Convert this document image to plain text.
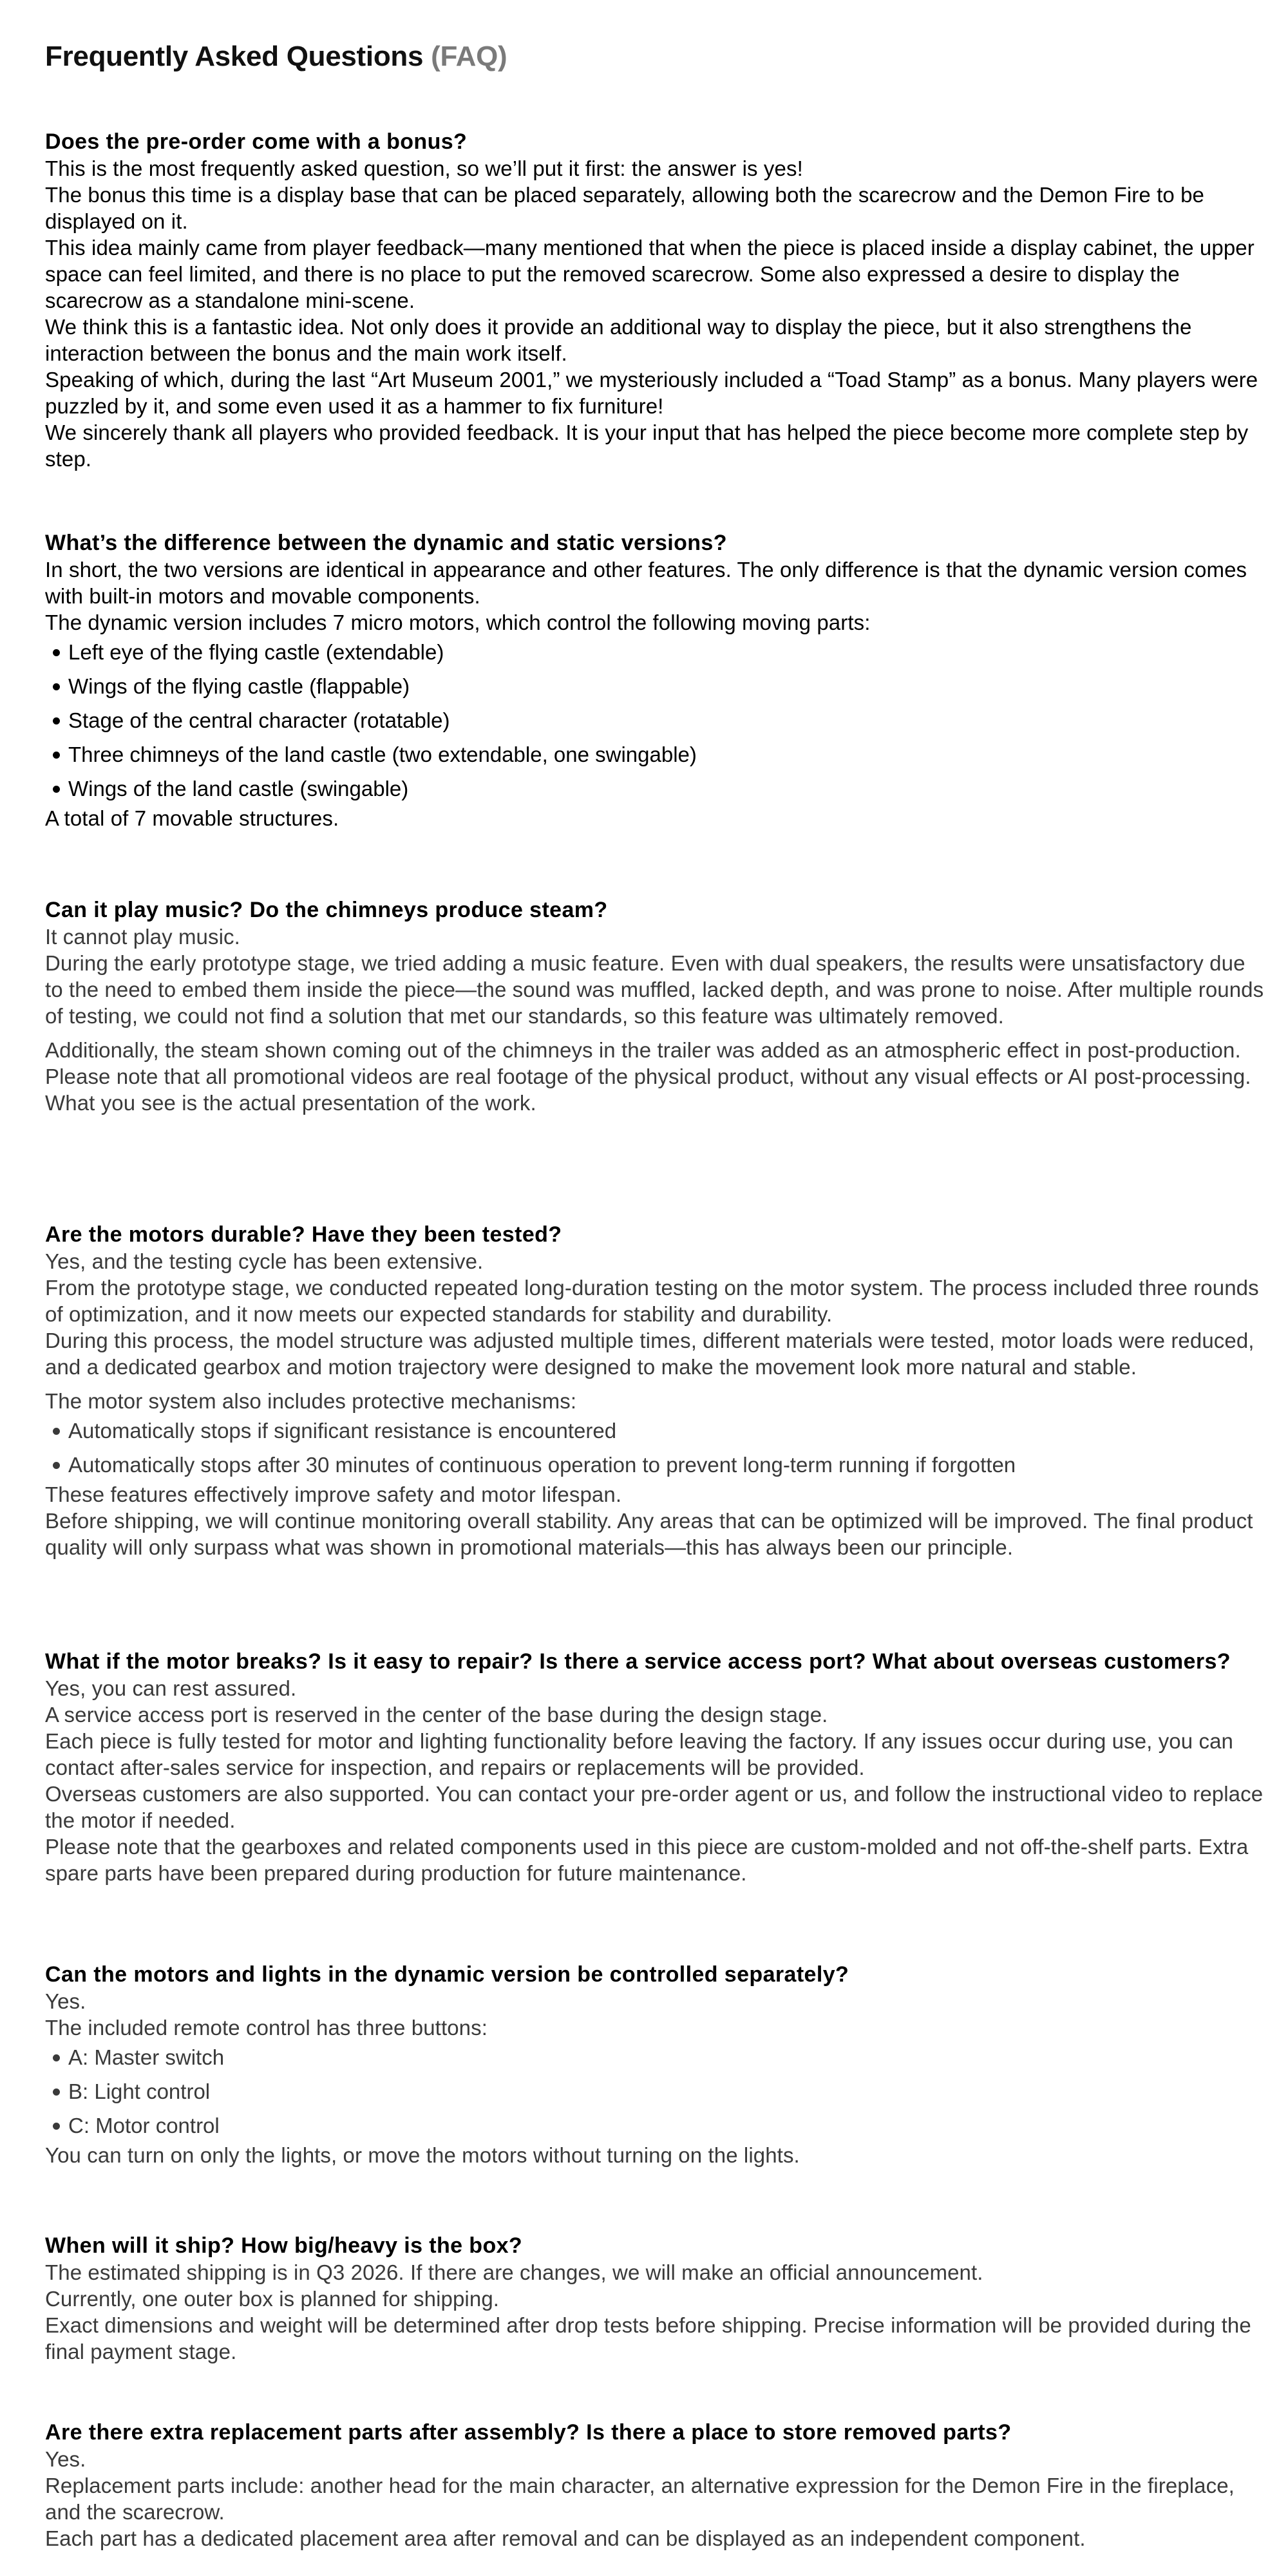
Frequently Asked Questions (FAQ)
Does the pre-order come with a bonus?

This is the most frequently asked question, so we’ll put it first: the answer is yes!

The bonus this time is a display base that can be placed separately, allowing both the scarecrow and the Demon Fire to be displayed on it.

This idea mainly came from player feedback—many mentioned that when the piece is placed inside a display cabinet, the upper space can feel limited, and there is no place to put the removed scarecrow. Some also expressed a desire to display the scarecrow as a standalone mini-scene.

We think this is a fantastic idea. Not only does it provide an additional way to display the piece, but it also strengthens the interaction between the bonus and the main work itself.

Speaking of which, during the last “Art Museum 2001,” we mysteriously included a “Toad Stamp” as a bonus. Many players were puzzled by it, and some even used it as a hammer to fix furniture!

We sincerely thank all players who provided feedback. It is your input that has helped the piece become more complete step by step.

What’s the difference between the dynamic and static versions?

In short, the two versions are identical in appearance and other features. The only difference is that the dynamic version comes with built-in motors and movable components.

The dynamic version includes 7 micro motors, which control the following moving parts:

Left eye of the flying castle (extendable)
Wings of the flying castle (flappable)
Stage of the central character (rotatable)
Three chimneys of the land castle (two extendable, one swingable)
Wings of the land castle (swingable)

A total of 7 movable structures.

Can it play music? Do the chimneys produce steam?

It cannot play music.

During the early prototype stage, we tried adding a music feature. Even with dual speakers, the results were unsatisfactory due to the need to embed them inside the piece—the sound was muffled, lacked depth, and was prone to noise. After multiple rounds of testing, we could not find a solution that met our standards, so this feature was ultimately removed.

Additionally, the steam shown coming out of the chimneys in the trailer was added as an atmospheric effect in post-production.

Please note that all promotional videos are real footage of the physical product, without any visual effects or AI post-processing. What you see is the actual presentation of the work.

Are the motors durable? Have they been tested?

Yes, and the testing cycle has been extensive.

From the prototype stage, we conducted repeated long-duration testing on the motor system. The process included three rounds of optimization, and it now meets our expected standards for stability and durability.

During this process, the model structure was adjusted multiple times, different materials were tested, motor loads were reduced, and a dedicated gearbox and motion trajectory were designed to make the movement look more natural and stable.

The motor system also includes protective mechanisms:

Automatically stops if significant resistance is encountered
Automatically stops after 30 minutes of continuous operation to prevent long-term running if forgotten

These features effectively improve safety and motor lifespan.

Before shipping, we will continue monitoring overall stability. Any areas that can be optimized will be improved. The final product quality will only surpass what was shown in promotional materials—this has always been our principle.

What if the motor breaks? Is it easy to repair? Is there a service access port? What about overseas customers?

Yes, you can rest assured.

A service access port is reserved in the center of the base during the design stage.

Each piece is fully tested for motor and lighting functionality before leaving the factory. If any issues occur during use, you can contact after-sales service for inspection, and repairs or replacements will be provided.

Overseas customers are also supported. You can contact your pre-order agent or us, and follow the instructional video to replace the motor if needed.

Please note that the gearboxes and related components used in this piece are custom-molded and not off-the-shelf parts. Extra spare parts have been prepared during production for future maintenance.

Can the motors and lights in the dynamic version be controlled separately?

Yes.

The included remote control has three buttons:

A: Master switch
B: Light control
C: Motor control

You can turn on only the lights, or move the motors without turning on the lights.

When will it ship? How big/heavy is the box?

The estimated shipping is in Q3 2026. If there are changes, we will make an official announcement.

Currently, one outer box is planned for shipping.

Exact dimensions and weight will be determined after drop tests before shipping. Precise information will be provided during the final payment stage.

Are there extra replacement parts after assembly? Is there a place to store removed parts?

Yes.

Replacement parts include: another head for the main character, an alternative expression for the Demon Fire in the fireplace, and the scarecrow.

Each part has a dedicated placement area after removal and can be displayed as an independent component.
